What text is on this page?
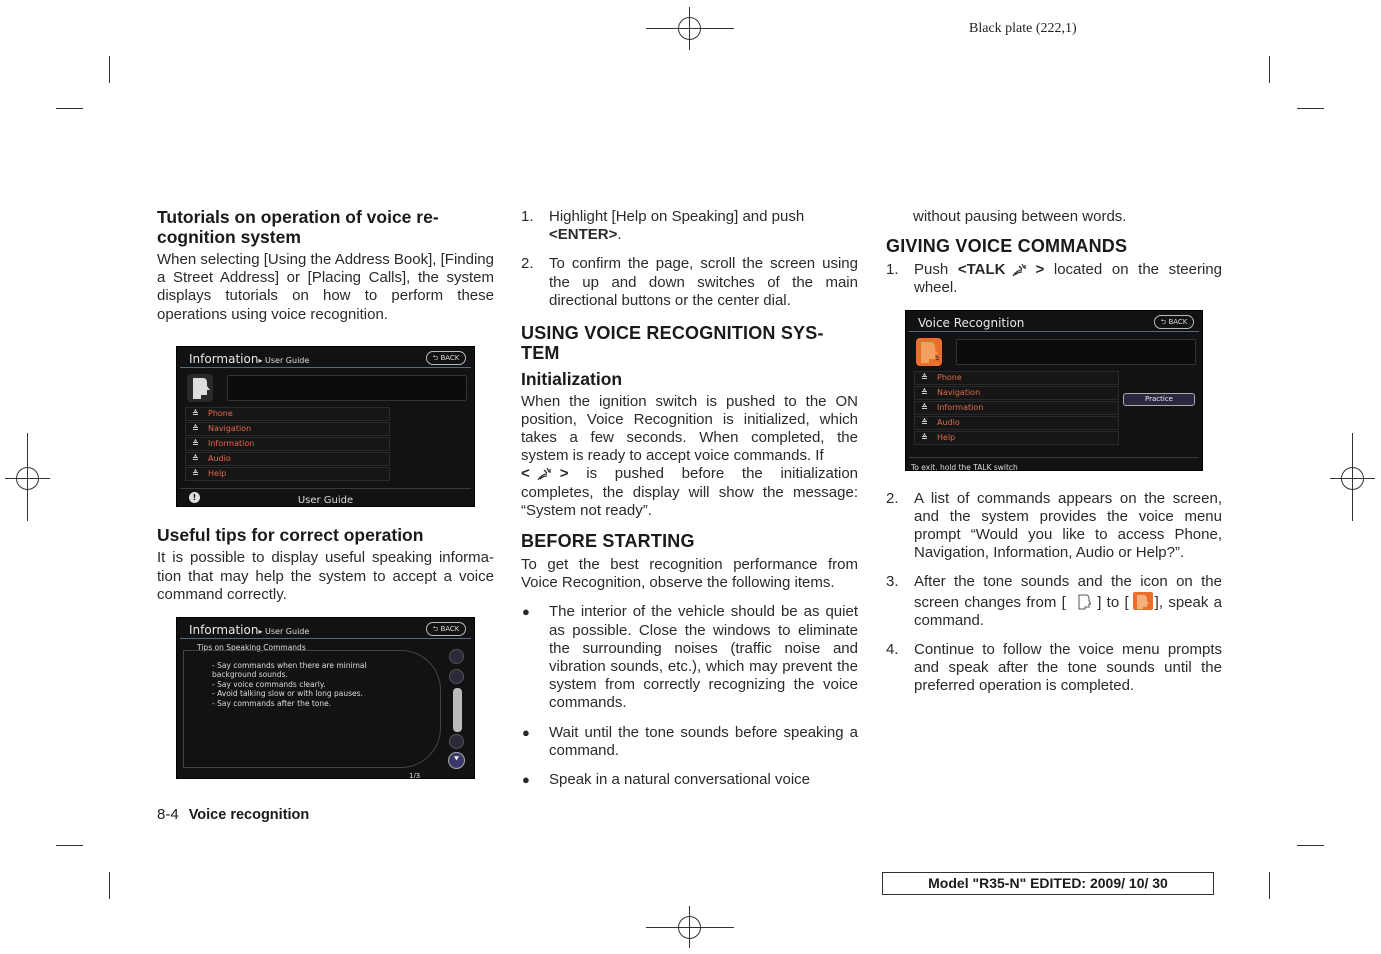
Black plate (222,1)
Tutorials on operation of voice re-cognition system

When selecting [Using the Address Book], [Finding a Street Address] or [Placing Calls], the system displays tutorials on how to perform these operations using voice recognition.

Information▸ User Guide	⮌ BACK
≙ Phone
≙ Navigation
≙ Information
≙ Audio
≙ Help
!	User Guide
Useful tips for correct operation

It is possible to display useful speaking informa-tion that may help the system to accept a voice command correctly.

Information▸ User Guide	⮌ BACK
Tips on Speaking Commands
- Say commands when there are minimal
background sounds.
- Say voice commands clearly.
- Avoid talking slow or with long pauses.
- Say commands after the tone.
⯆
1/3
1. Highlight [Help on Speaking] and push
<ENTER>.
2. To confirm the page, scroll the screen using the up and down switches of the main directional buttons or the center dial.
USING VOICE RECOGNITION SYS-TEM
Initialization

When the ignition switch is pushed to the ON position, Voice Recognition is initialized, which takes a few seconds. When completed, the system is ready to accept voice commands. If
< > is pushed before the initialization completes, the display will show the message: “System not ready”.

BEFORE STARTING

To get the best recognition performance from Voice Recognition, observe the following items.

● The interior of the vehicle should be as quiet as possible. Close the windows to eliminate the surrounding noises (traffic noise and vibration sounds, etc.), which may prevent the system from correctly recognizing the voice commands.
● Wait until the tone sounds before speaking a command.
● Speak in a natural conversational voice
without pausing between words.
GIVING VOICE COMMANDS
1. Push <TALK > located on the steering wheel.
Voice Recognition	⮌ BACK
≙ Phone
≙ Navigation
≙ Information
≙ Audio
≙ Help
Practice
To exit, hold the TALK switch
2. A list of commands appears on the screen, and the system provides the voice menu prompt “Would you like to access Phone, Navigation, Information, Audio or Help?”.
3. After the tone sounds and the icon on the screen changes from [ ] to [ ], speak a command.
4. Continue to follow the voice menu prompts and speak after the tone sounds until the preferred operation is completed.
8-4 Voice recognition
Model "R35-N" EDITED: 2009/ 10/ 30
